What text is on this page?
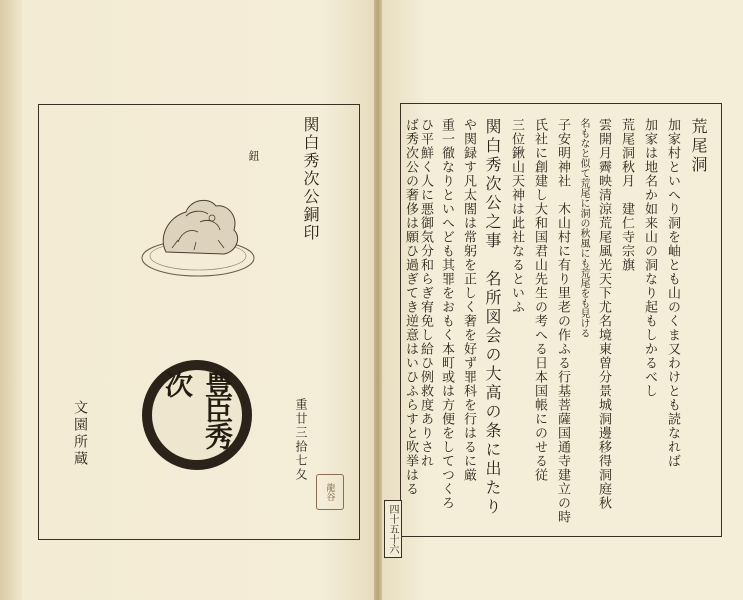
関白秀次公銅印
鈕
豊臣秀次
重廿三拾七夂
文園所蔵
龍谷
四十五十六
荒尾洞
加家村といへり洞を岫とも山のくま又わけとも読なれば
加家は地名か如来山の洞なり起もしかるべし
荒尾洞秋月　建仁寺宗旗
雲開月霽映清涼荒尾風光天下尤名境東曽分景城洞邊移得洞庭秋
名もなと似て荒尾に洞の秋風にも荒尾をも見ける
子安明神社　木山村に有り里老の作ふる行基菩薩国通寺建立の時
氏社に創建し大和国君山先生の考へる日本国帳にのせる従
三位鍬山天神は此社なるといふ
関白秀次公之事　名所図会の大高の条に出たり
や関録す凡太閤は常躬を正しく奢を好ず罪科を行はるに厳
重一徹なりといへども其罪をおもく本町或は方便をしてつくろ
ひ平鮮く人に悪御気分和らぎ宥免し給ひ例救度ありされ
ば秀次公の奢侈は願ひ過ぎてき逆意はいひふらすと吹挙はる
